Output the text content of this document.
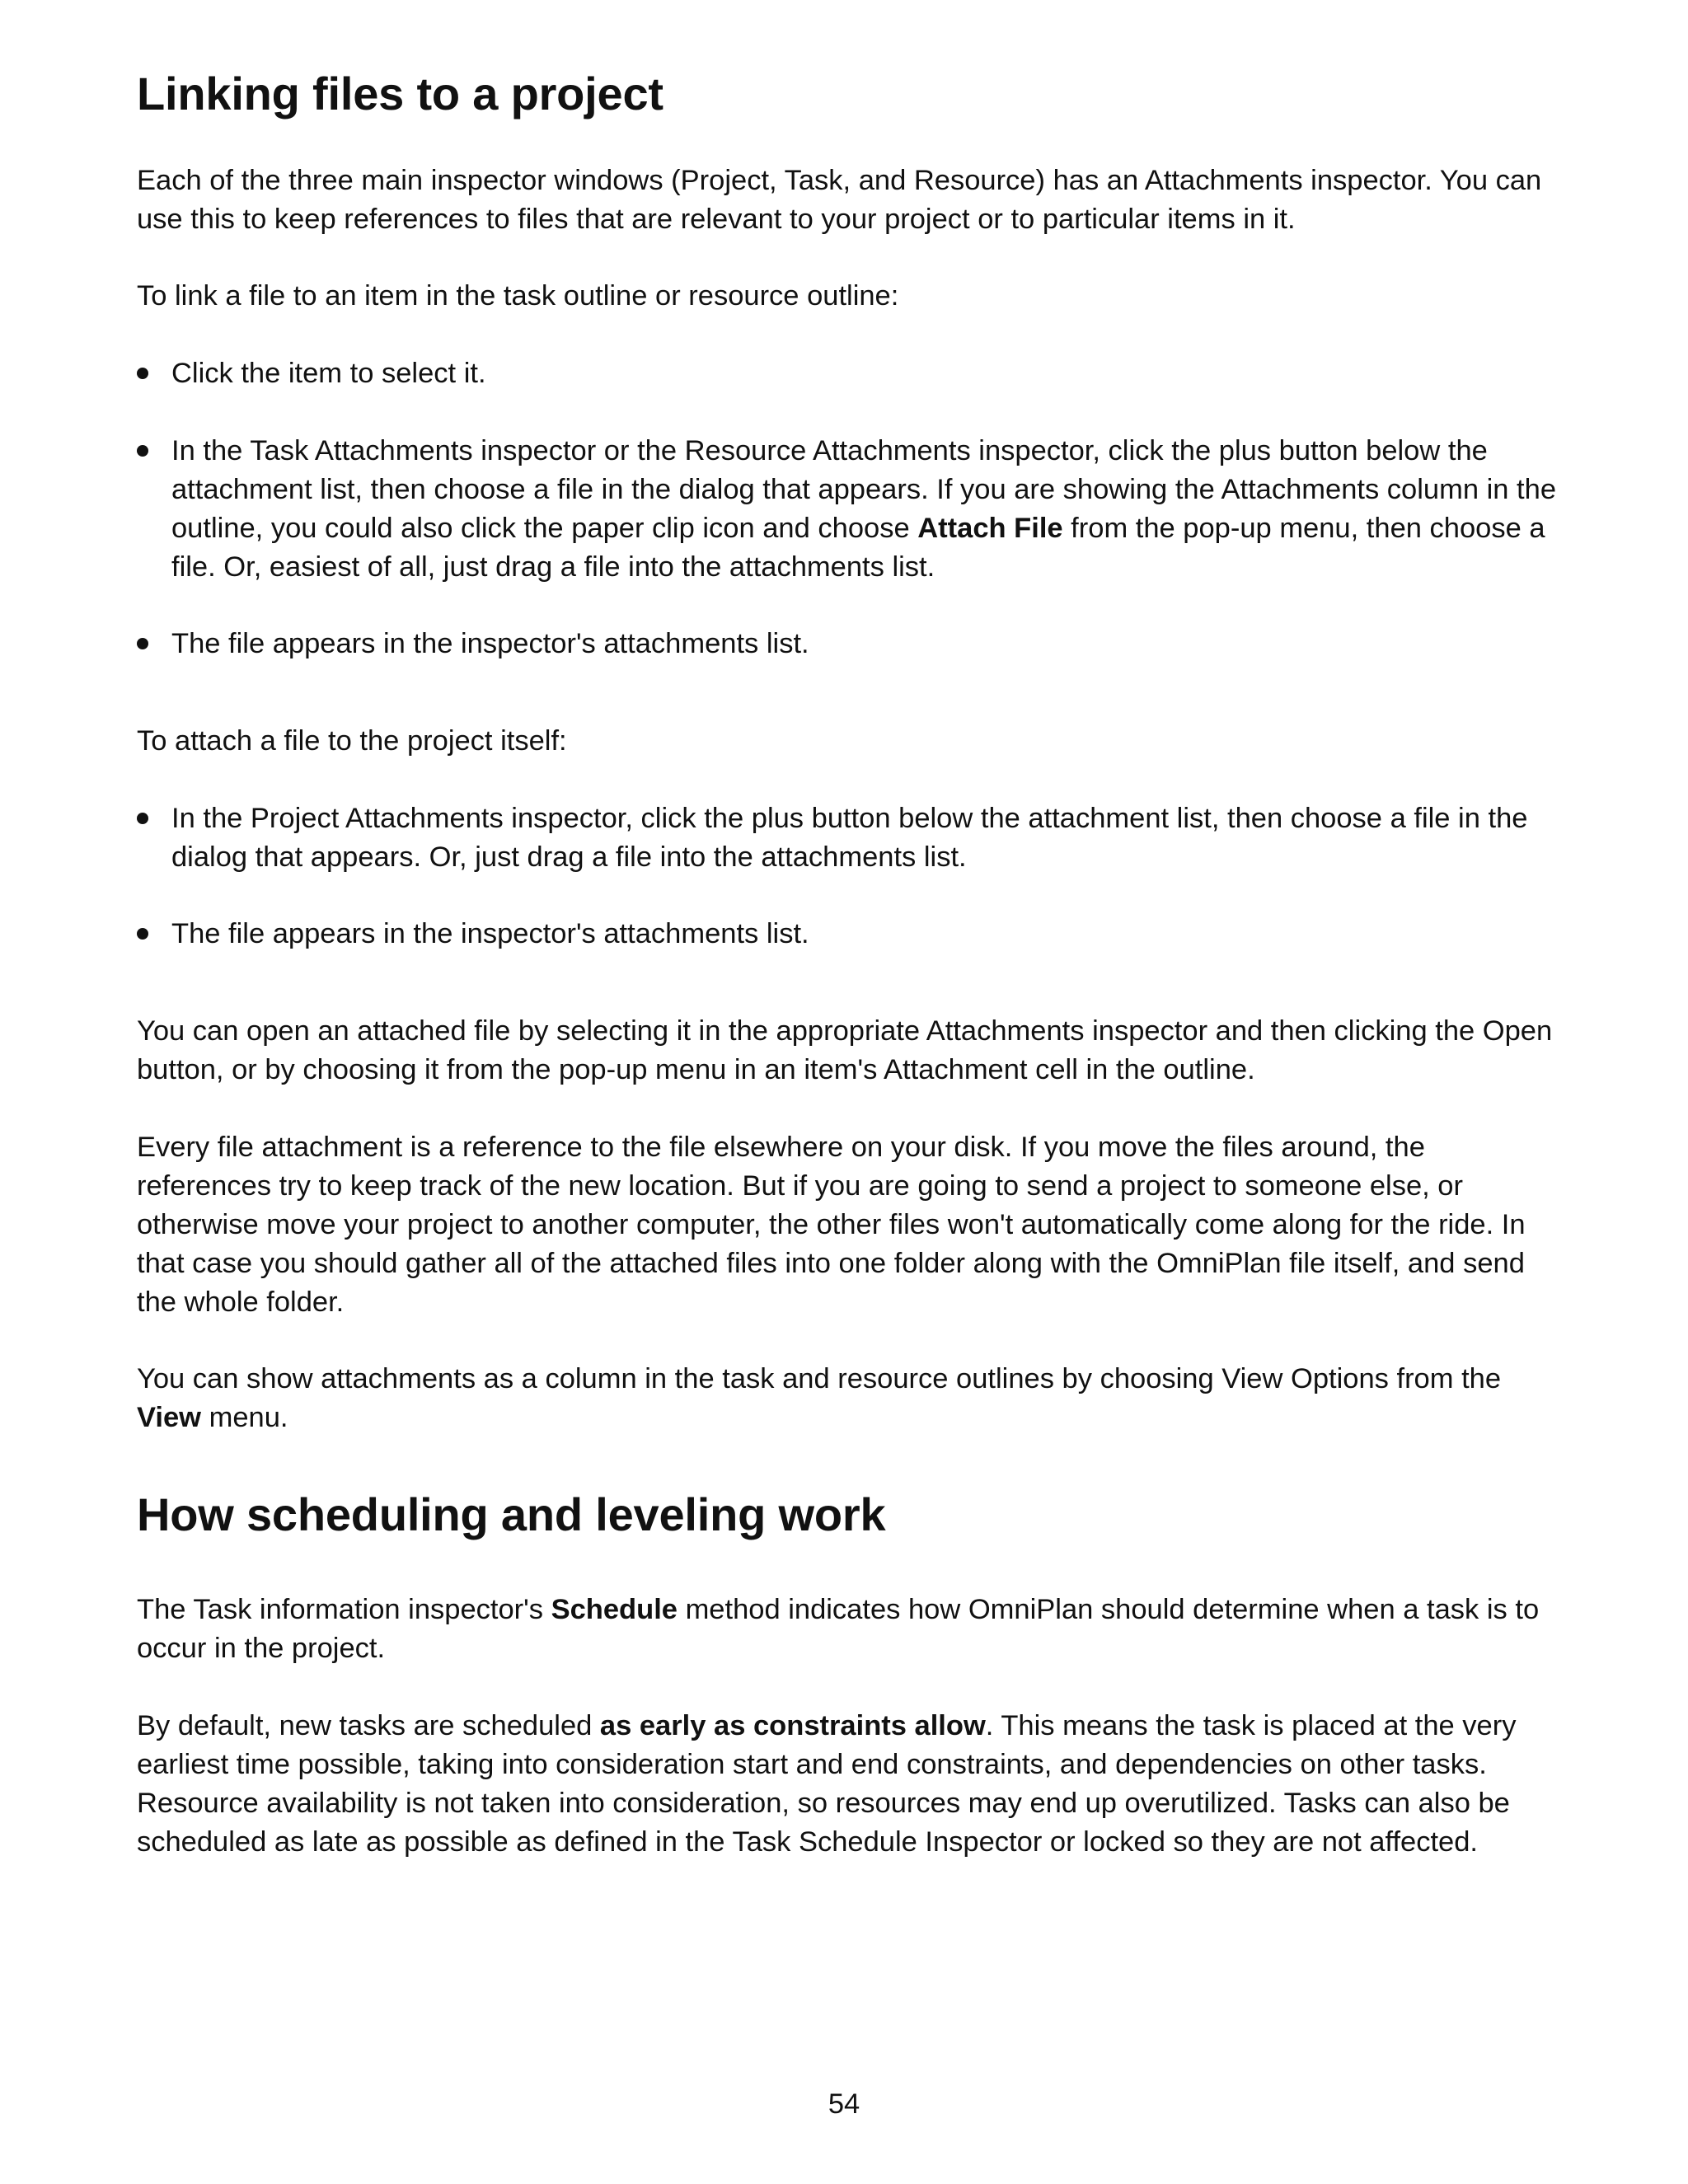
Linking files to a project

Each of the three main inspector windows (Project, Task, and Resource) has an Attachments inspector. You can use this to keep references to files that are relevant to your project or to particular items in it.

To link a file to an item in the task outline or resource outline:

Click the item to select it.
In the Task Attachments inspector or the Resource Attachments inspector, click the plus button below the attachment list, then choose a file in the dialog that appears. If you are showing the Attachments column in the outline, you could also click the paper clip icon and choose Attach File from the pop-up menu, then choose a file. Or, easiest of all, just drag a file into the attachments list.
The file appears in the inspector's attachments list.

To attach a file to the project itself:

In the Project Attachments inspector, click the plus button below the attachment list, then choose a file in the dialog that appears. Or, just drag a file into the attachments list.
The file appears in the inspector's attachments list.

You can open an attached file by selecting it in the appropriate Attachments inspector and then clicking the Open button, or by choosing it from the pop-up menu in an item's Attachment cell in the outline.

Every file attachment is a reference to the file elsewhere on your disk. If you move the files around, the references try to keep track of the new location. But if you are going to send a project to someone else, or otherwise move your project to another computer, the other files won't automatically come along for the ride. In that case you should gather all of the attached files into one folder along with the OmniPlan file itself, and send the whole folder.

You can show attachments as a column in the task and resource outlines by choosing View Options from the View menu.

How scheduling and leveling work

The Task information inspector's Schedule method indicates how OmniPlan should determine when a task is to occur in the project.

By default, new tasks are scheduled as early as constraints allow. This means the task is placed at the very earliest time possible, taking into consideration start and end constraints, and dependencies on other tasks. Resource availability is not taken into consideration, so resources may end up overutilized. Tasks can also be scheduled as late as possible as defined in the Task Schedule Inspector or locked so they are not affected.

54
